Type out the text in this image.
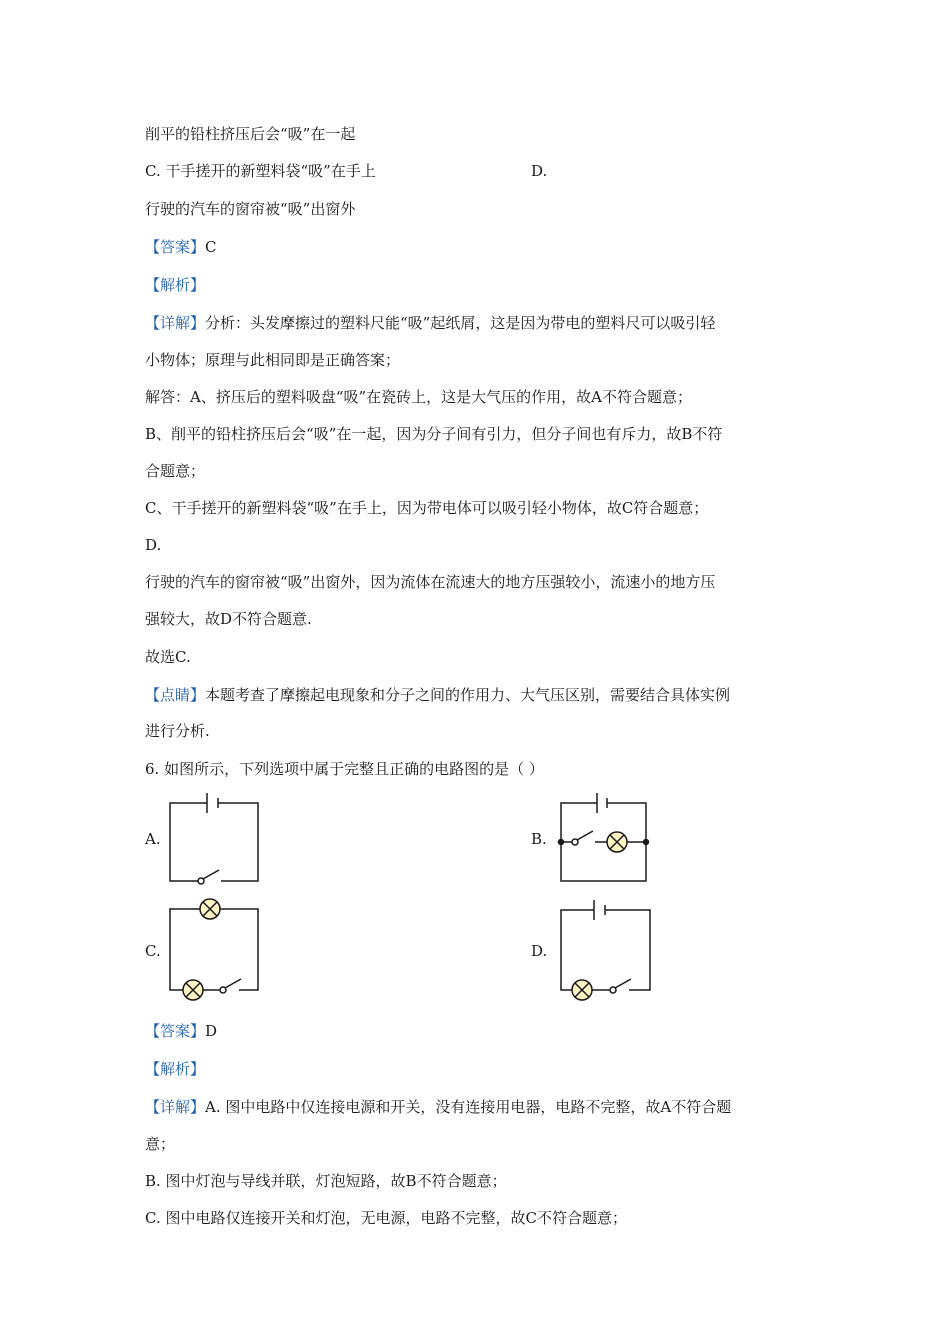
削平的铅柱挤压后会“吸”在一起
C. 干手搓开的新塑料袋“吸”在手上	D.
行驶的汽车的窗帘被“吸”出窗外
【答案】C
【解析】
【详解】分析：头发摩擦过的塑料尺能“吸”起纸屑，这是因为带电的塑料尺可以吸引轻
小物体；原理与此相同即是正确答案；
解答：A、挤压后的塑料吸盘“吸”在瓷砖上，这是大气压的作用，故A不符合题意；
B、削平的铅柱挤压后会“吸”在一起，因为分子间有引力，但分子间也有斥力，故B不符
合题意；
C、干手搓开的新塑料袋“吸”在手上，因为带电体可以吸引轻小物体，故C符合题意；
D.
行驶的汽车的窗帘被“吸”出窗外，因为流体在流速大的地方压强较小，流速小的地方压
强较大，故D不符合题意.
故选C.
【点睛】本题考查了摩擦起电现象和分子之间的作用力、大气压区别，需要结合具体实例
进行分析.
6. 如图所示，下列选项中属于完整且正确的电路图的是（ ）
A.	B.
C.	D.
【答案】D
【解析】
【详解】A. 图中电路中仅连接电源和开关，没有连接用电器，电路不完整，故A不符合题
意；
B. 图中灯泡与导线并联，灯泡短路，故B不符合题意；
C. 图中电路仅连接开关和灯泡，无电源，电路不完整，故C不符合题意；
